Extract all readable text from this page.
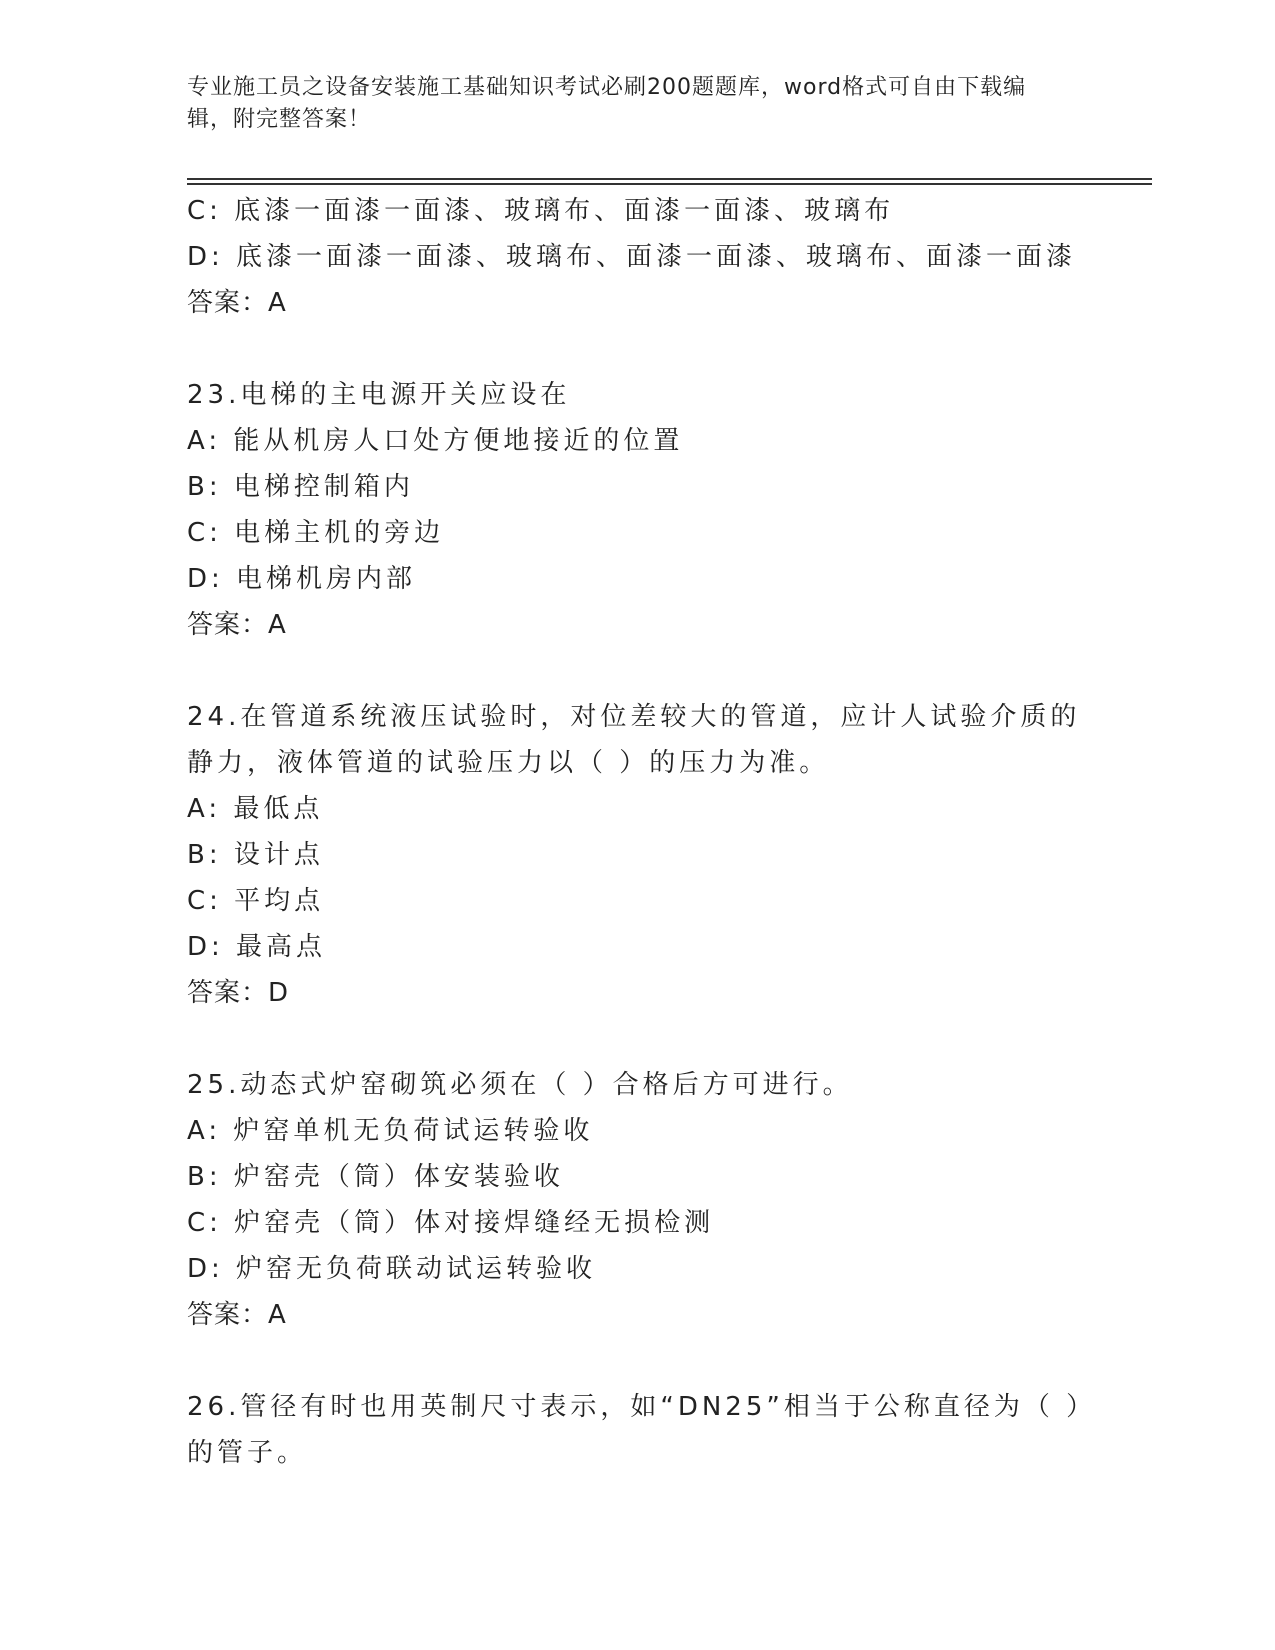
专业施工员之设备安装施工基础知识考试必刷200题题库，word格式可自由下载编辑，附完整答案！
C: 底漆一面漆一面漆、玻璃布、面漆一面漆、玻璃布
D: 底漆一面漆一面漆、玻璃布、面漆一面漆、玻璃布、面漆一面漆
答案：A
23.电梯的主电源开关应设在
A: 能从机房人口处方便地接近的位置
B: 电梯控制箱内
C: 电梯主机的旁边
D: 电梯机房内部
答案：A
24.在管道系统液压试验时，对位差较大的管道，应计人试验介质的静力，液体管道的试验压力以（ ）的压力为准。
A: 最低点
B: 设计点
C: 平均点
D: 最高点
答案：D
25.动态式炉窑砌筑必须在（ ）合格后方可进行。
A: 炉窑单机无负荷试运转验收
B: 炉窑壳（筒）体安装验收
C: 炉窑壳（筒）体对接焊缝经无损检测
D: 炉窑无负荷联动试运转验收
答案：A
26.管径有时也用英制尺寸表示，如“DN25”相当于公称直径为（ ）的管子。
